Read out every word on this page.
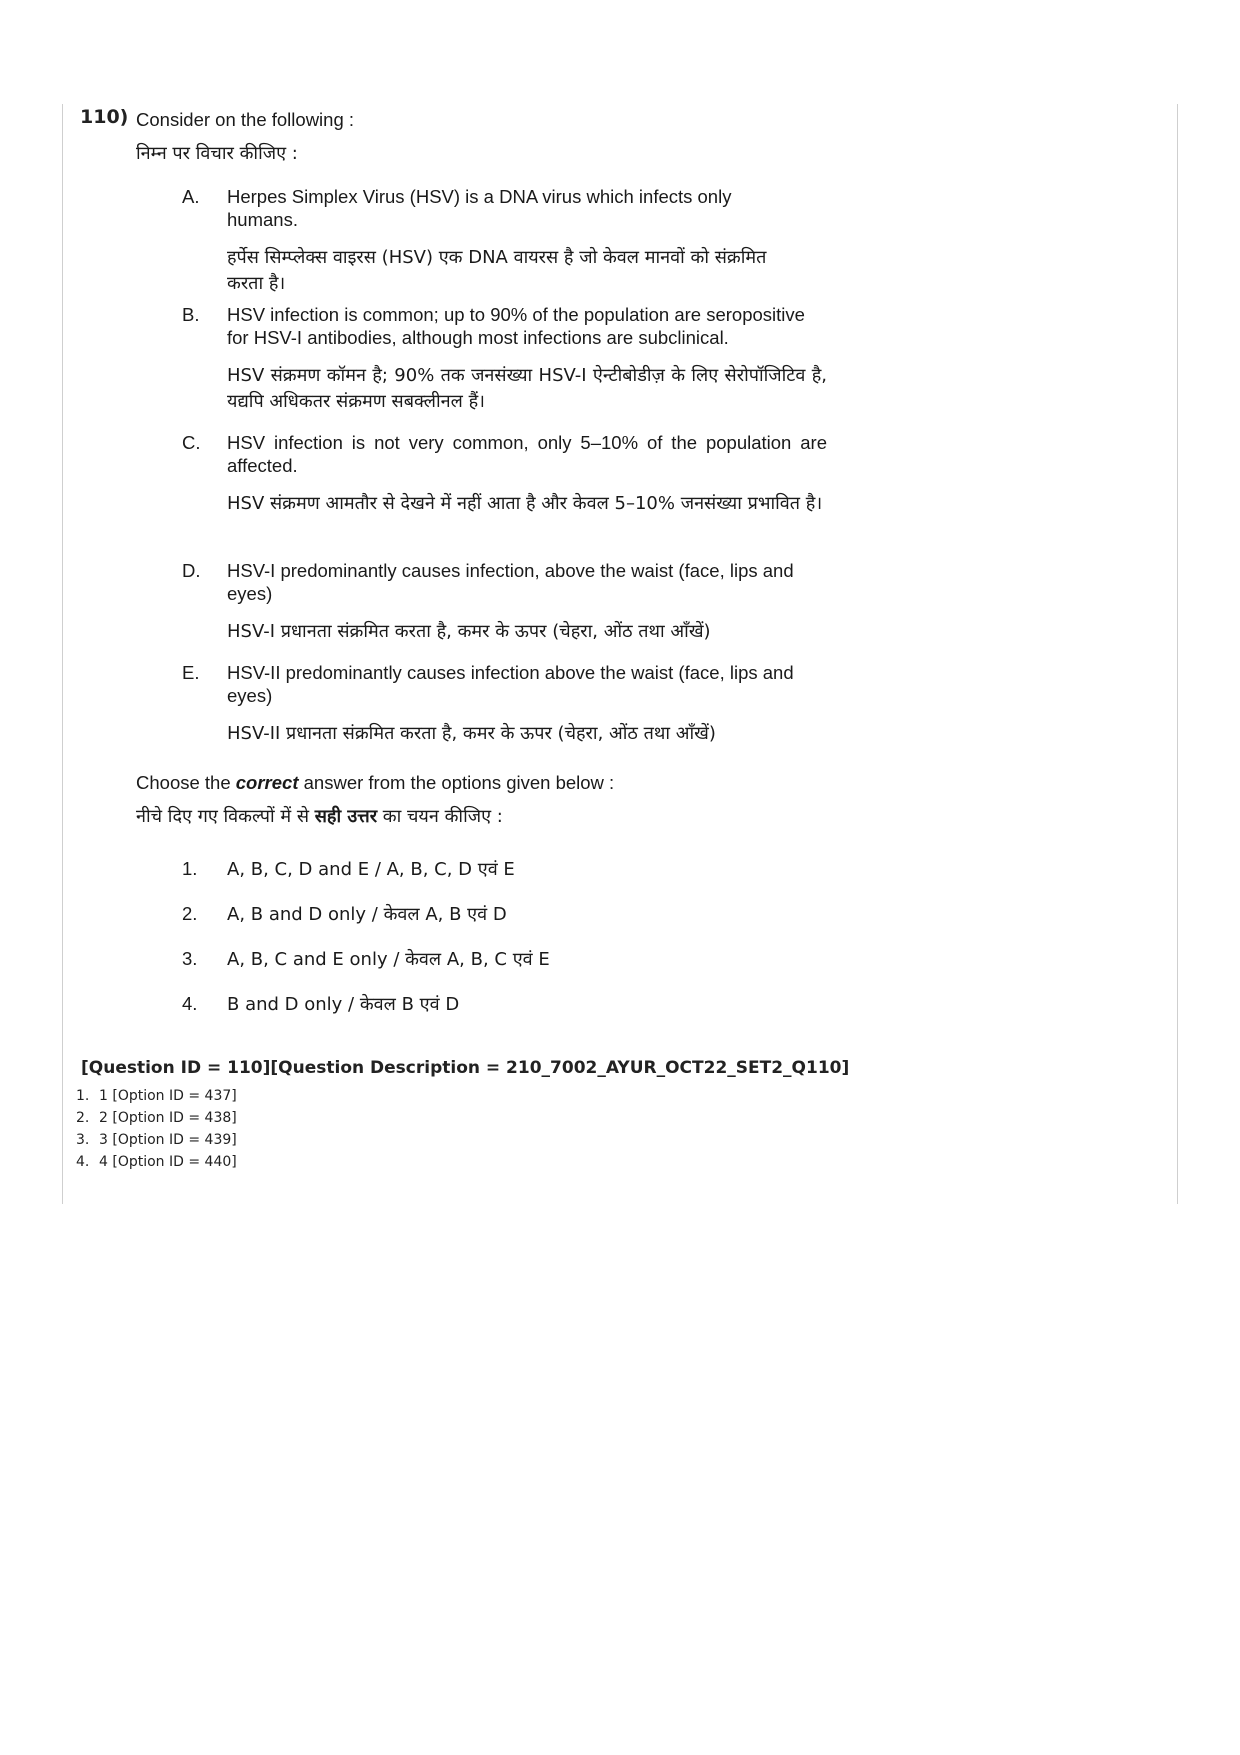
110) Consider on the following :
निम्न पर विचार कीजिए :
A.	Herpes Simplex Virus (HSV) is a DNA virus which infects only humans.
हर्पेस सिम्प्लेक्स वाइरस (HSV) एक DNA वायरस है जो केवल मानवों को संक्रमित करता है।
B.	HSV infection is common; up to 90% of the population are seropositive for HSV-I antibodies, although most infections are subclinical.
HSV संक्रमण कॉमन है; 90% तक जनसंख्या HSV-I ऐन्टीबोडीज़ के लिए सेरोपॉजिटिव है, यद्यपि अधिकतर संक्रमण सबक्लीनल हैं।
C.	HSV infection is not very common, only 5–10% of the population are affected.
HSV संक्रमण आमतौर से देखने में नहीं आता है और केवल 5–10% जनसंख्या प्रभावित है।
D.	HSV-I predominantly causes infection, above the waist (face, lips and eyes)
HSV-I प्रधानता संक्रमित करता है, कमर के ऊपर (चेहरा, ओंठ तथा आँखें)
E.	HSV-II predominantly causes infection above the waist (face, lips and eyes)
HSV-II प्रधानता संक्रमित करता है, कमर के ऊपर (चेहरा, ओंठ तथा आँखें)
Choose the correct answer from the options given below :
नीचे दिए गए विकल्पों में से सही उत्तर का चयन कीजिए :
1.	A, B, C, D and E / A, B, C, D एवं E
2.	A, B and D only / केवल A, B एवं D
3.	A, B, C and E only / केवल A, B, C एवं E
4.	B and D only / केवल B एवं D
[Question ID = 110][Question Description = 210_7002_AYUR_OCT22_SET2_Q110]
1. 1 [Option ID = 437]
2. 2 [Option ID = 438]
3. 3 [Option ID = 439]
4. 4 [Option ID = 440]
